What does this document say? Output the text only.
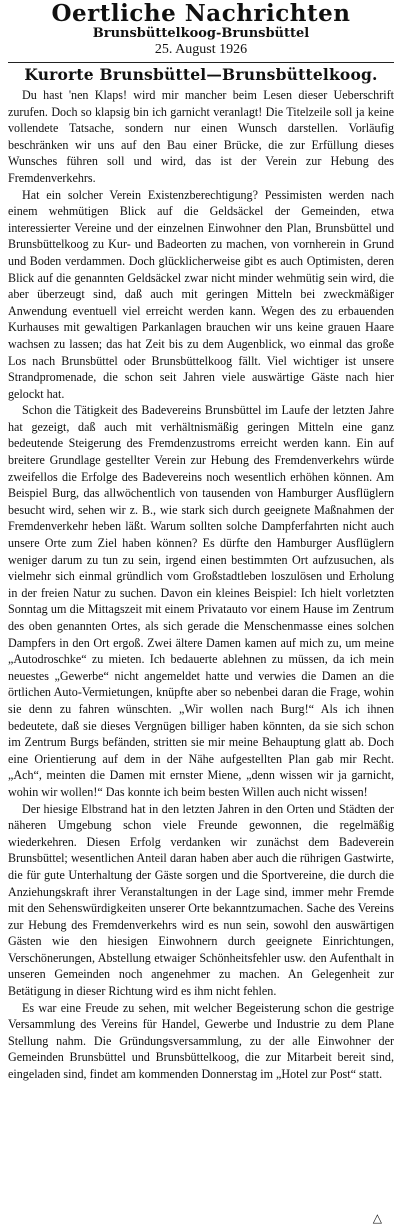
Oertliche Nachrichten
Brunsbüttelkoog-Brunsbüttel
25. August 1926
Kurorte Brunsbüttel—Brunsbüttelkoog.

Du hast 'nen Klaps! wird mir mancher beim Lesen dieser Ueberschrift zurufen. Doch so klapsig bin ich garnicht veranlagt! Die Titelzeile soll ja keine vollendete Tatsache, sondern nur einen Wunsch darstellen. Vorläufig beschränken wir uns auf den Bau einer Brücke, die zur Erfüllung dieses Wunsches führen soll und wird, das ist der Verein zur Hebung des Fremdenverkehrs.

Hat ein solcher Verein Existenzberechtigung? Pessimisten werden nach einem wehmütigen Blick auf die Geldsäckel der Gemeinden, etwa interessierter Vereine und der einzelnen Einwohner den Plan, Brunsbüttel und Brunsbüttelkoog zu Kur- und Badeorten zu machen, von vornherein in Grund und Boden verdammen. Doch glücklicherweise gibt es auch Optimisten, deren Blick auf die genannten Geldsäckel zwar nicht minder wehmütig sein wird, die aber überzeugt sind, daß auch mit geringen Mitteln bei zweckmäßiger Anwendung eventuell viel erreicht werden kann. Wegen des zu erbauenden Kurhauses mit gewaltigen Parkanlagen brauchen wir uns keine grauen Haare wachsen zu lassen; das hat Zeit bis zu dem Augenblick, wo einmal das große Los nach Brunsbüttel oder Brunsbüttelkoog fällt. Viel wichtiger ist unsere Strandpromenade, die schon seit Jahren viele auswärtige Gäste nach hier gelockt hat.

Schon die Tätigkeit des Badevereins Brunsbüttel im Laufe der letzten Jahre hat gezeigt, daß auch mit verhältnismäßig geringen Mitteln eine ganz bedeutende Steigerung des Fremdenzustroms erreicht werden kann. Ein auf breitere Grundlage gestellter Verein zur Hebung des Fremdenverkehrs würde zweifellos die Erfolge des Badevereins noch wesentlich erhöhen können. Am Beispiel Burg, das allwöchentlich von tausenden von Hamburger Ausflüglern besucht wird, sehen wir z. B., wie stark sich durch geeignete Maßnahmen der Fremdenverkehr heben läßt. Warum sollten solche Dampferfahrten nicht auch unsere Orte zum Ziel haben können? Es dürfte den Hamburger Ausflüglern weniger darum zu tun zu sein, irgend einen bestimmten Ort aufzusuchen, als vielmehr sich einmal gründlich vom Großstadtleben loszulösen und Erholung in der freien Natur zu suchen. Davon ein kleines Beispiel: Ich hielt vorletzten Sonntag um die Mittagszeit mit einem Privatauto vor einem Hause im Zentrum des oben genannten Ortes, als sich gerade die Menschenmasse eines solchen Dampfers in den Ort ergoß. Zwei ältere Damen kamen auf mich zu, um meine „Autodroschke“ zu mieten. Ich bedauerte ablehnen zu müssen, da ich mein neuestes „Gewerbe“ nicht angemeldet hatte und verwies die Damen an die örtlichen Auto-Vermietungen, knüpfte aber so nebenbei daran die Frage, wohin sie denn zu fahren wünschten. „Wir wollen nach Burg!“ Als ich ihnen bedeutete, daß sie dieses Vergnügen billiger haben könnten, da sie sich schon im Zentrum Burgs befänden, stritten sie mir meine Behauptung glatt ab. Doch eine Orientierung auf dem in der Nähe aufgestellten Plan gab mir Recht. „Ach“, meinten die Damen mit ernster Miene, „denn wissen wir ja garnicht, wohin wir wollen!“ Das konnte ich beim besten Willen auch nicht wissen!

Der hiesige Elbstrand hat in den letzten Jahren in den Orten und Städten der näheren Umgebung schon viele Freunde gewonnen, die regelmäßig wiederkehren. Diesen Erfolg verdanken wir zunächst dem Badeverein Brunsbüttel; wesentlichen Anteil daran haben aber auch die rührigen Gastwirte, die für gute Unterhaltung der Gäste sorgen und die Sportvereine, die durch die Anziehungskraft ihrer Veranstaltungen in der Lage sind, immer mehr Fremde mit den Sehenswürdigkeiten unserer Orte bekanntzumachen. Sache des Vereins zur Hebung des Fremdenverkehrs wird es nun sein, sowohl den auswärtigen Gästen wie den hiesigen Einwohnern durch geeignete Einrichtungen, Verschönerungen, Abstellung etwaiger Schönheitsfehler usw. den Aufenthalt in unseren Gemeinden noch angenehmer zu machen. An Gelegenheit zur Betätigung in dieser Richtung wird es ihm nicht fehlen.

Es war eine Freude zu sehen, mit welcher Begeisterung schon die gestrige Versammlung des Vereins für Handel, Gewerbe und Industrie zu dem Plane Stellung nahm. Die Gründungsversammlung, zu der alle Einwohner der Gemeinden Brunsbüttel und Brunsbüttelkoog, die zur Mitarbeit bereit sind, eingeladen sind, findet am kommenden Donnerstag im „Hotel zur Post“ statt.

△
